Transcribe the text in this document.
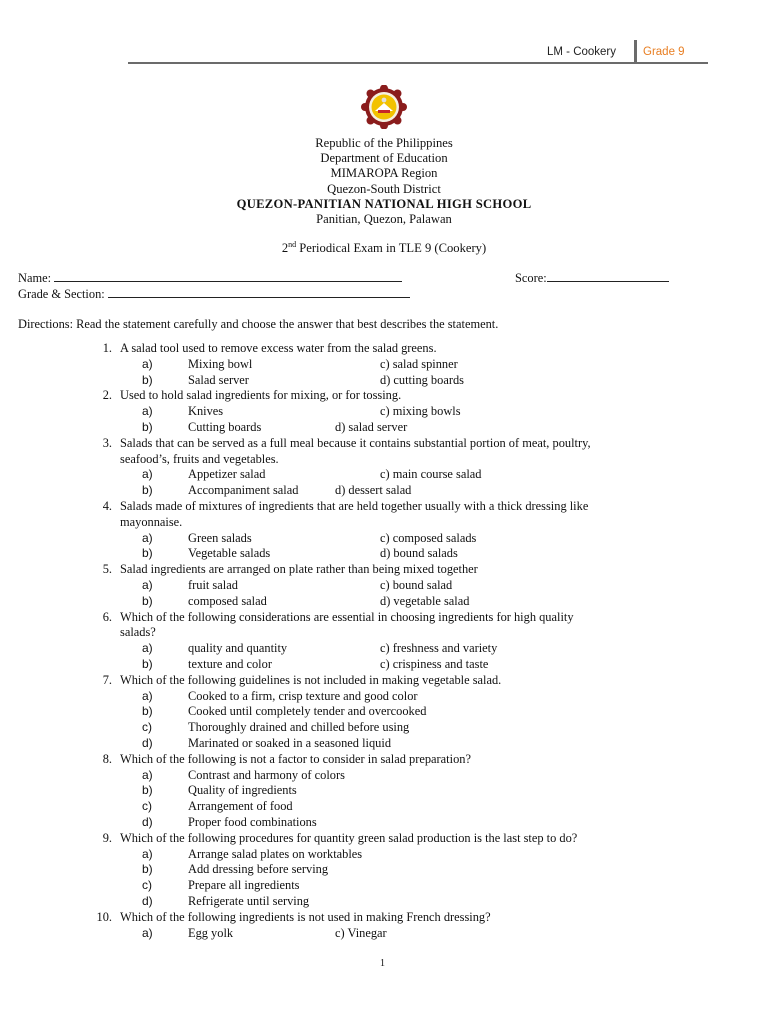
LM - Cookery Grade 9
Republic of the Philippines
Department of Education
MIMAROPA Region
Quezon-South District
QUEZON-PANITIAN NATIONAL HIGH SCHOOL
Panitian, Quezon, Palawan
2nd Periodical Exam in TLE 9 (Cookery)
Name:	Score:
Grade & Section:
Directions: Read the statement carefully and choose the answer that best describes the statement.
1. A salad tool used to remove excess water from the salad greens.
a)	Mixing bowl	c) salad spinner
b)	Salad server	d) cutting boards
2. Used to hold salad ingredients for mixing, or for tossing.
a)	Knives	c) mixing bowls
b)	Cutting boards	d) salad server
3. Salads that can be served as a full meal because it contains substantial portion of meat, poultry,
seafood’s, fruits and vegetables.
a)	Appetizer salad	c) main course salad
b)	Accompaniment salad	d) dessert salad
4. Salads made of mixtures of ingredients that are held together usually with a thick dressing like
mayonnaise.
a)	Green salads	c) composed salads
b)	Vegetable salads	d) bound salads
5. Salad ingredients are arranged on plate rather than being mixed together
a)	fruit salad	c) bound salad
b)	composed salad	d) vegetable salad
6. Which of the following considerations are essential in choosing ingredients for high quality
salads?
a)	quality and quantity	c) freshness and variety
b)	texture and color	c) crispiness and taste
7. Which of the following guidelines is not included in making vegetable salad.
a)	Cooked to a firm, crisp texture and good color
b)	Cooked until completely tender and overcooked
c)	Thoroughly drained and chilled before using
d)	Marinated or soaked in a seasoned liquid
8. Which of the following is not a factor to consider in salad preparation?
a)	Contrast and harmony of colors
b)	Quality of ingredients
c)	Arrangement of food
d)	Proper food combinations
9. Which of the following procedures for quantity green salad production is the last step to do?
a)	Arrange salad plates on worktables
b)	Add dressing before serving
c)	Prepare all ingredients
d)	Refrigerate until serving
10. Which of the following ingredients is not used in making French dressing?
a)	Egg yolk	c) Vinegar
1
